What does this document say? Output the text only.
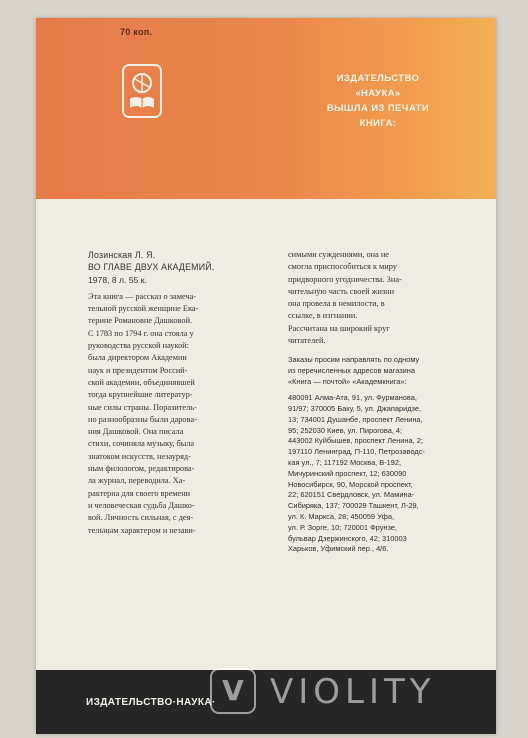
70 коп.
ИЗДАТЕЛЬСТВО
«НАУКА»
ВЫШЛА ИЗ ПЕЧАТИ
КНИГА:
Лозинская Л. Я.
ВО ГЛАВЕ ДВУХ АКАДЕМИЙ.
1978, 8 л. 55 к.
Эта книга — рассказ о замеча-
тельной русской женщине Ека-
терине Романовне Дашковой.
С 1783 по 1794 г. она стояла у
руководства русской наукой:
была директором Академии
наук и президентом Россий-
ской академии, объединявшей
тогда крупнейшие литератур-
ные силы страны. Поразитель-
но разнообразны были дарова-
ния Дашковой. Она писала
стихи, сочиняла музыку, была
знатоком искусств, незауряд-
ным филологом, редактирова-
ла журнал, переводила. Ха-
рактерна для своего времени
и человеческая судьба Дашко-
вой. Личность сильная, с дея-
тельным характером и незави-
симыми суждениями, она не
смогла приспособиться к миру
придворного угодничества. Зна-
чительную часть своей жизни
она провела в немилости, в
ссылке, в изгнании.
Рассчитана на широкий круг
читателей.
Заказы просим направлять по одному
из перечисленных адресов магазина
«Книга — почтой» «Академкнига»:
480091 Алма-Ата, 91, ул. Фурманова,
91/97; 370005 Баку, 5, ул. Джапаридзе,
13; 734001 Душанбе, проспект Ленина,
95; 252030 Киев, ул. Пирогова, 4;
443002 Куйбышев, проспект Ленина, 2;
197110 Ленинград, П-110, Петрозаводс-
кая ул., 7; 117192 Москва, В-192,
Мичуринский проспект, 12; 630090
Новосибирск, 90, Морской проспект,
22; 620151 Свердловск, ул. Мамина-
Сибиряка, 137; 700029 Ташкент, Л-29,
ул. К. Маркса, 28; 450059 Уфа,
ул. Р. Зорге, 10; 720001 Фрунзе,
бульвар Дзержинского, 42; 310003
Харьков, Уфимский пер., 4/6.
ИЗДАТЕЛЬСТВО·НАУКА· V VIOLITY
